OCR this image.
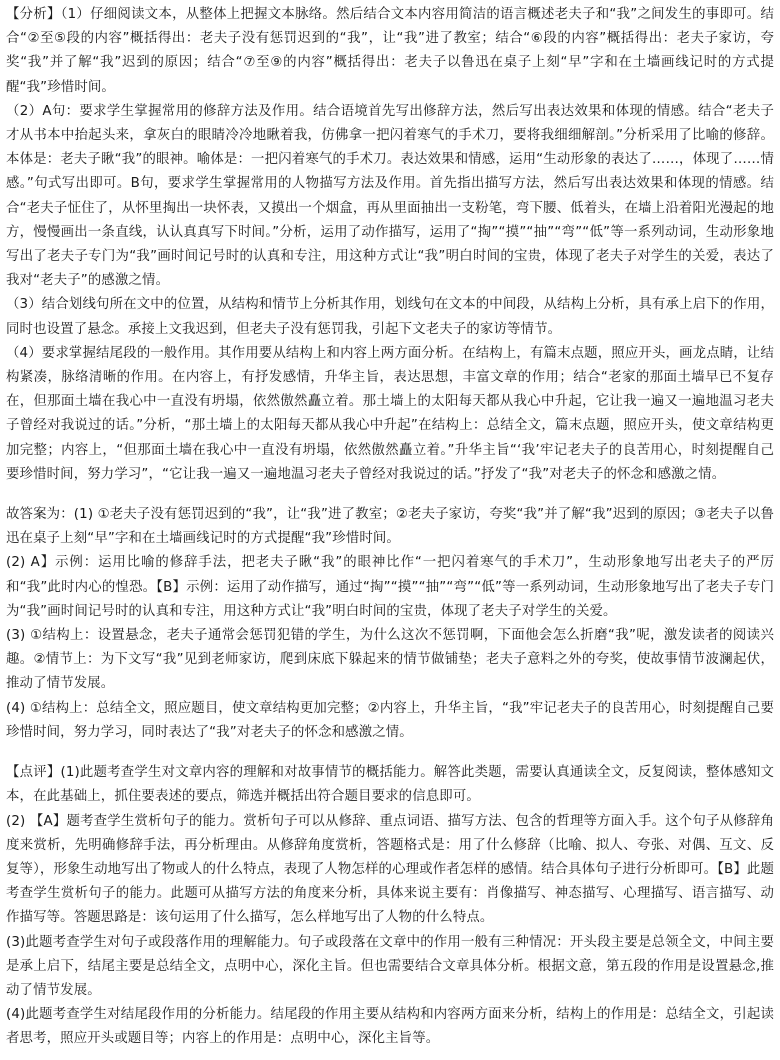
【分析】（1）仔细阅读文本，从整体上把握文本脉络。然后结合文本内容用简洁的语言概述老夫子和“我”之间发生的事即可。结合“②至⑤段的内容”概括得出：老夫子没有惩罚迟到的“我”，让“我”进了教室；结合“⑥段的内容”概括得出：老夫子家访，夸奖“我”并了解“我”迟到的原因；结合“⑦至⑨的内容”概括得出：老夫子以鲁迅在桌子上刻“早”字和在土墙画线记时的方式提醒“我”珍惜时间。

（2）A句：要求学生掌握常用的修辞方法及作用。结合语境首先写出修辞方法，然后写出表达效果和体现的情感。结合“老夫子才从书本中抬起头来，拿灰白的眼睛冷冷地瞅着我，仿佛拿一把闪着寒气的手术刀，要将我细细解剖。”分析采用了比喻的修辞。本体是：老夫子瞅“我”的眼神。喻体是：一把闪着寒气的手术刀。表达效果和情感，运用“生动形象的表达了……，体现了……情感。”句式写出即可。B句，要求学生掌握常用的人物描写方法及作用。首先指出描写方法，然后写出表达效果和体现的情感。结合“老夫子怔住了，从怀里掏出一块怀表，又摸出一个烟盒，再从里面抽出一支粉笔，弯下腰、低着头，在墙上沿着阳光漫起的地方，慢慢画出一条直线，认认真真写下时间。”分析，运用了动作描写，运用了“掏”“摸”“抽”“弯”“低”等一系列动词，生动形象地写出了老夫子专门为“我”画时间记号时的认真和专注，用这种方式让“我”明白时间的宝贵，体现了老夫子对学生的关爱，表达了我对“老夫子”的感激之情。

（3）结合划线句所在文中的位置，从结构和情节上分析其作用，划线句在文本的中间段，从结构上分析，具有承上启下的作用，同时也设置了悬念。承接上文我迟到，但老夫子没有惩罚我，引起下文老夫子的家访等情节。

（4）要求掌握结尾段的一般作用。其作用要从结构上和内容上两方面分析。在结构上，有篇末点题，照应开头，画龙点睛，让结构紧凑，脉络清晰的作用。在内容上，有抒发感情，升华主旨，表达思想，丰富文章的作用；结合“老家的那面土墙早已不复存在，但那面土墙在我心中一直没有坍塌，依然傲然矗立着。那土墙上的太阳每天都从我心中升起，它让我一遍又一遍地温习老夫子曾经对我说过的话。”分析，“那土墙上的太阳每天都从我心中升起”在结构上：总结全文，篇末点题，照应开头，使文章结构更加完整；内容上，“但那面土墙在我心中一直没有坍塌，依然傲然矗立着。”升华主旨“‘我’牢记老夫子的良苦用心，时刻提醒自己要珍惜时间，努力学习”，“它让我一遍又一遍地温习老夫子曾经对我说过的话。”抒发了“我”对老夫子的怀念和感激之情。

故答案为：(1) ①老夫子没有惩罚迟到的“我”，让“我”进了教室；②老夫子家访，夸奖“我”并了解“我”迟到的原因；③老夫子以鲁迅在桌子上刻“早”字和在土墙画线记时的方式提醒“我”珍惜时间。

(2) A】示例：运用比喻的修辞手法，把老夫子瞅“我”的眼神比作“一把闪着寒气的手术刀”，生动形象地写出老夫子的严厉和“我”此时内心的惶恐。【B】示例：运用了动作描写，通过“掏”“摸”“抽”“弯”“低”等一系列动词，生动形象地写出了老夫子专门为“我”画时间记号时的认真和专注，用这种方式让“我”明白时间的宝贵，体现了老夫子对学生的关爱。

(3) ①结构上：设置悬念，老夫子通常会惩罚犯错的学生，为什么这次不惩罚啊，下面他会怎么折磨“我”呢，激发读者的阅读兴趣。②情节上：为下文写“我”见到老师家访，爬到床底下躲起来的情节做铺垫；老夫子意料之外的夸奖，使故事情节波澜起伏，推动了情节发展。

(4) ①结构上：总结全文，照应题目，使文章结构更加完整；②内容上，升华主旨，“我”牢记老夫子的良苦用心，时刻提醒自己要珍惜时间，努力学习，同时表达了“我”对老夫子的怀念和感激之情。

【点评】(1)此题考查学生对文章内容的理解和对故事情节的概括能力。解答此类题，需要认真通读全文，反复阅读，整体感知文本，在此基础上，抓住要表述的要点，筛选并概括出符合题目要求的信息即可。

(2) 【A】题考查学生赏析句子的能力。赏析句子可以从修辞、重点词语、描写方法、包含的哲理等方面入手。这个句子从修辞角度来赏析，先明确修辞手法，再分析理由。从修辞角度赏析，答题格式是：用了什么修辞（比喻、拟人、夸张、对偶、互文、反复等），形象生动地写出了物或人的什么特点，表现了人物怎样的心理或作者怎样的感情。结合具体句子进行分析即可。【B】此题考查学生赏析句子的能力。此题可从描写方法的角度来分析，具体来说主要有：肖像描写、神态描写、心理描写、语言描写、动作描写等。答题思路是：该句运用了什么描写，怎么样地写出了人物的什么特点。

(3)此题考查学生对句子或段落作用的理解能力。句子或段落在文章中的作用一般有三种情况：开头段主要是总领全文，中间主要是承上启下，结尾主要是总结全文，点明中心，深化主旨。但也需要结合文章具体分析。根据文意，第五段的作用是设置悬念,推动了情节发展。

(4)此题考查学生对结尾段作用的分析能力。结尾段的作用主要从结构和内容两方面来分析，结构上的作用是：总结全文，引起读者思考，照应开头或题目等；内容上的作用是：点明中心，深化主旨等。
